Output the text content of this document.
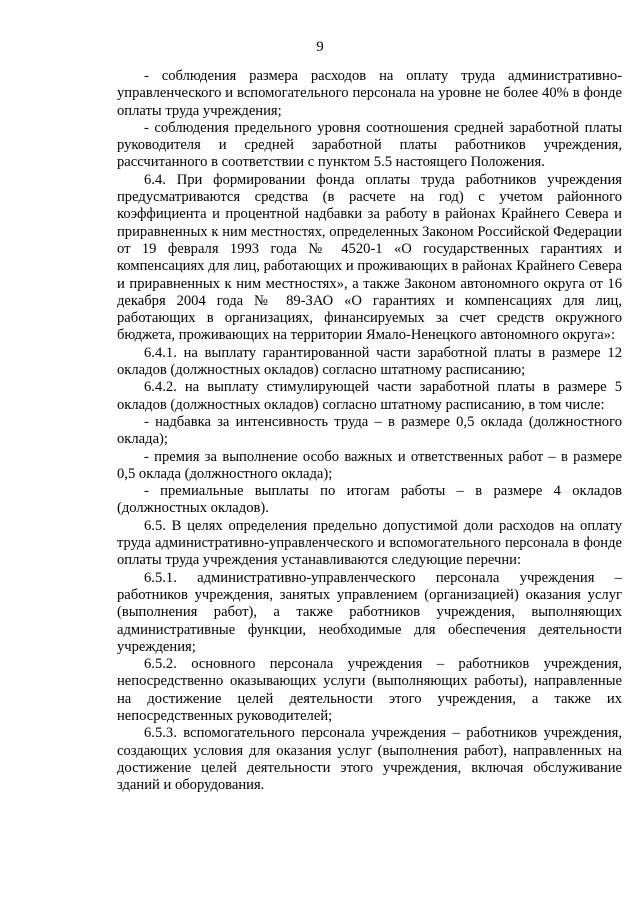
9

- соблюдения размера расходов на оплату труда административно-управленческого и вспомогательного персонала на уровне не более 40% в фонде оплаты труда учреждения;

- соблюдения предельного уровня соотношения средней заработной платы руководителя и средней заработной платы работников учреждения, рассчитанного в соответствии с пунктом 5.5 настоящего Положения.

6.4. При формировании фонда оплаты труда работников учреждения предусматриваются средства (в расчете на год) с учетом районного коэффициента и процентной надбавки за работу в районах Крайнего Севера и приравненных к ним местностях, определенных Законом Российской Федерации от 19 февраля 1993 года № 4520-1 «О государственных гарантиях и компенсациях для лиц, работающих и проживающих в районах Крайнего Севера и приравненных к ним местностях», а также Законом автономного округа от 16 декабря 2004 года № 89-ЗАО «О гарантиях и компенсациях для лиц, работающих в организациях, финансируемых за счет средств окружного бюджета, проживающих на территории Ямало-Ненецкого автономного округа»:

6.4.1. на выплату гарантированной части заработной платы в размере 12 окладов (должностных окладов) согласно штатному расписанию;

6.4.2. на выплату стимулирующей части заработной платы в размере 5 окладов (должностных окладов) согласно штатному расписанию, в том числе:

- надбавка за интенсивность труда – в размере 0,5 оклада (должностного оклада);

- премия за выполнение особо важных и ответственных работ – в размере 0,5 оклада (должностного оклада);

- премиальные выплаты по итогам работы – в размере 4 окладов (должностных окладов).

6.5. В целях определения предельно допустимой доли расходов на оплату труда административно-управленческого и вспомогательного персонала в фонде оплаты труда учреждения устанавливаются следующие перечни:

6.5.1. административно-управленческого персонала учреждения – работников учреждения, занятых управлением (организацией) оказания услуг (выполнения работ), а также работников учреждения, выполняющих административные функции, необходимые для обеспечения деятельности учреждения;

6.5.2. основного персонала учреждения – работников учреждения, непосредственно оказывающих услуги (выполняющих работы), направленные на достижение целей деятельности этого учреждения, а также их непосредственных руководителей;

6.5.3. вспомогательного персонала учреждения – работников учреждения, создающих условия для оказания услуг (выполнения работ), направленных на достижение целей деятельности этого учреждения, включая обслуживание зданий и оборудования.
